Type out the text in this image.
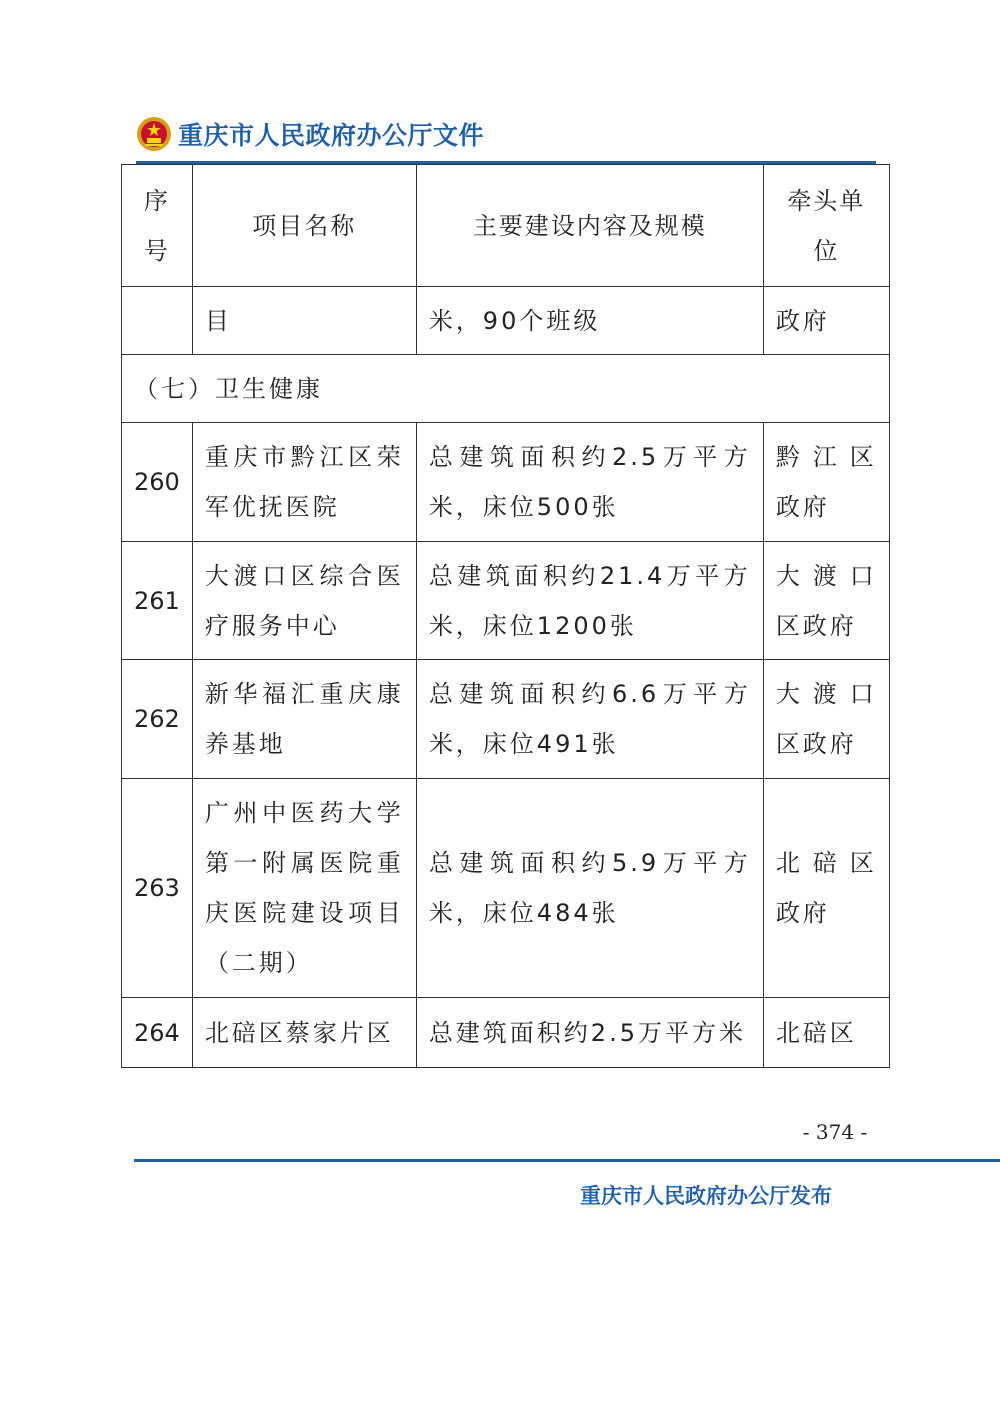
重庆市人民政府办公厅文件
序号	项目名称	主要建设内容及规模	牵头单位
	目	米，90个班级	政府
（七）卫生健康			
260	重庆市黔江区荣军优抚医院	总建筑面积约2.5万平方米，床位500张	黔江区政府
261	大渡口区综合医疗服务中心	总建筑面积约21.4万平方米，床位1200张	大渡口区政府
262	新华福汇重庆康养基地	总建筑面积约6.6万平方米，床位491张	大渡口区政府
263	广州中医药大学第一附属医院重庆医院建设项目（二期）	总建筑面积约5.9万平方米，床位484张	北碚区政府
264	北碚区蔡家片区	总建筑面积约2.5万平方米	北碚区
- 374 -
重庆市人民政府办公厅发布
